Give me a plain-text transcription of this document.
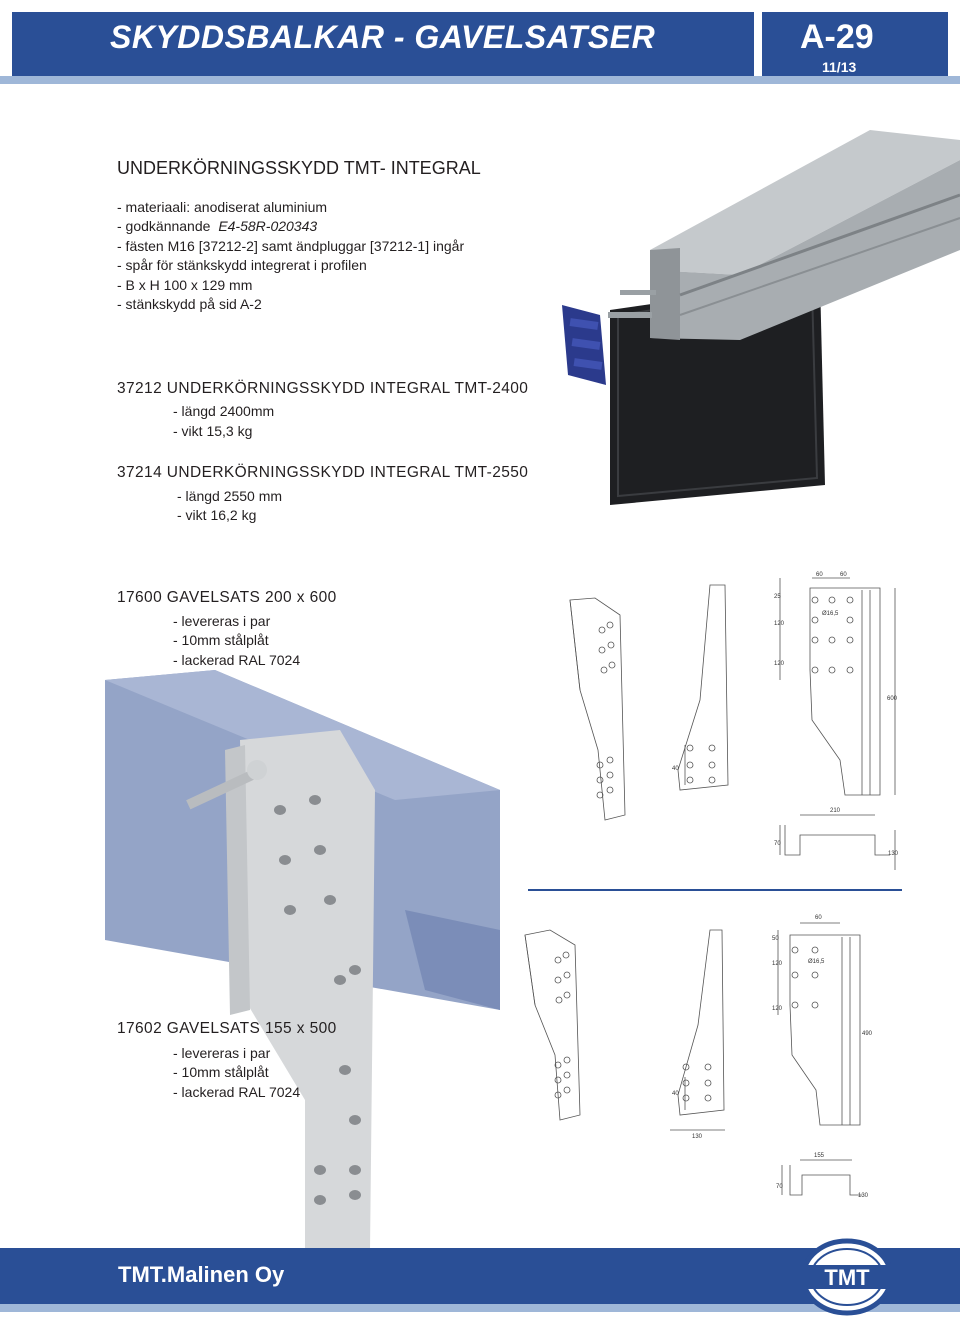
SKYDDSBALKAR - GAVELSATSER	A-29
11/13
UNDERKÖRNINGSSKYDD TMT- INTEGRAL
- materiaali: anodiserat aluminium
- godkännande E4-58R-020343
- fästen M16 [37212-2] samt ändpluggar [37212-1] ingår
- spår för stänkskydd integrerat i profilen
- B x H 100 x 129 mm
- stänkskydd på sid A-2
37212 UNDERKÖRNINGSSKYDD INTEGRAL TMT-2400
- längd 2400mm
- vikt 15,3 kg
37214 UNDERKÖRNINGSSKYDD INTEGRAL TMT-2550
- längd 2550 mm
- vikt 16,2 kg
17600 GAVELSATS 200 x 600
- levereras i par
- 10mm stålplåt
- lackerad RAL 7024
60	60
25
120
120
Ø16,5
600
40
210
70
130
60
50
120
120
Ø16,5
490
40
130
155
70
130
17602 GAVELSATS 155 x 500
- levereras i par
- 10mm stålplåt
- lackerad RAL 7024
TMT.Malinen Oy	TMT
